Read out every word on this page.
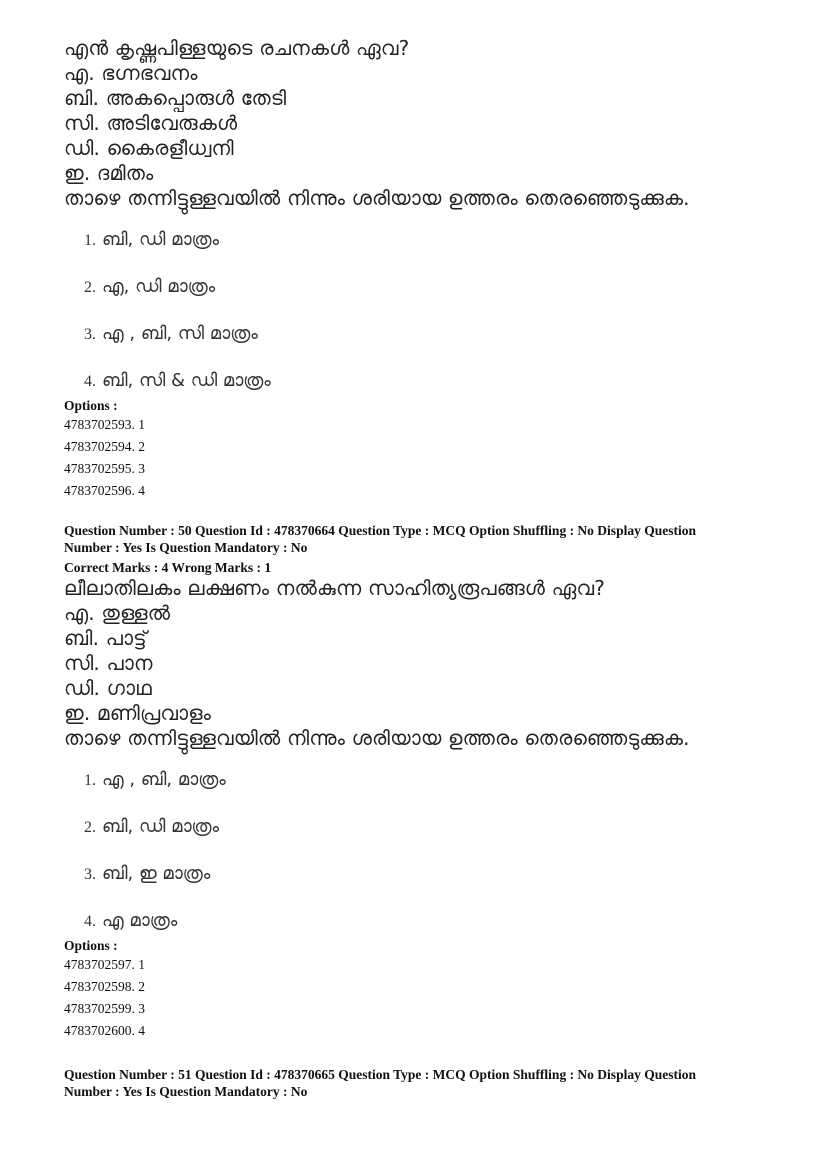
എൻ കൃഷ്ണപിള്ളയുടെ രചനകൾ ഏവ?
എ. ഭഗ്നഭവനം
ബി. അകപ്പൊരുൾ തേടി
സി. അടിവേരുകൾ
ഡി. കൈരളീധ്വനി
ഇ. ദമിതം
താഴെ തന്നിട്ടുള്ളവയിൽ നിന്നും ശരിയായ ഉത്തരം തെരഞ്ഞെടുക്കുക.
1. ബി, ഡി മാത്രം
2. എ, ഡി മാത്രം
3. എ , ബി, സി മാത്രം
4. ബി, സി & ഡി മാത്രം
Options :
4783702593. 1
4783702594. 2
4783702595. 3
4783702596. 4
Question Number : 50 Question Id : 478370664 Question Type : MCQ Option Shuffling : No Display Question
Number : Yes Is Question Mandatory : No
Correct Marks : 4 Wrong Marks : 1
ലീലാതിലകം ലക്ഷണം നൽകുന്ന സാഹിത്യരൂപങ്ങൾ ഏവ?
എ. തുള്ളൽ
ബി. പാട്ട്
സി. പാന
ഡി. ഗാഥ
ഇ. മണിപ്രവാളം
താഴെ തന്നിട്ടുള്ളവയിൽ നിന്നും ശരിയായ ഉത്തരം തെരഞ്ഞെടുക്കുക.
1. എ , ബി, മാത്രം
2. ബി, ഡി മാത്രം
3. ബി, ഇ മാത്രം
4. എ മാത്രം
Options :
4783702597. 1
4783702598. 2
4783702599. 3
4783702600. 4
Question Number : 51 Question Id : 478370665 Question Type : MCQ Option Shuffling : No Display Question
Number : Yes Is Question Mandatory : No
